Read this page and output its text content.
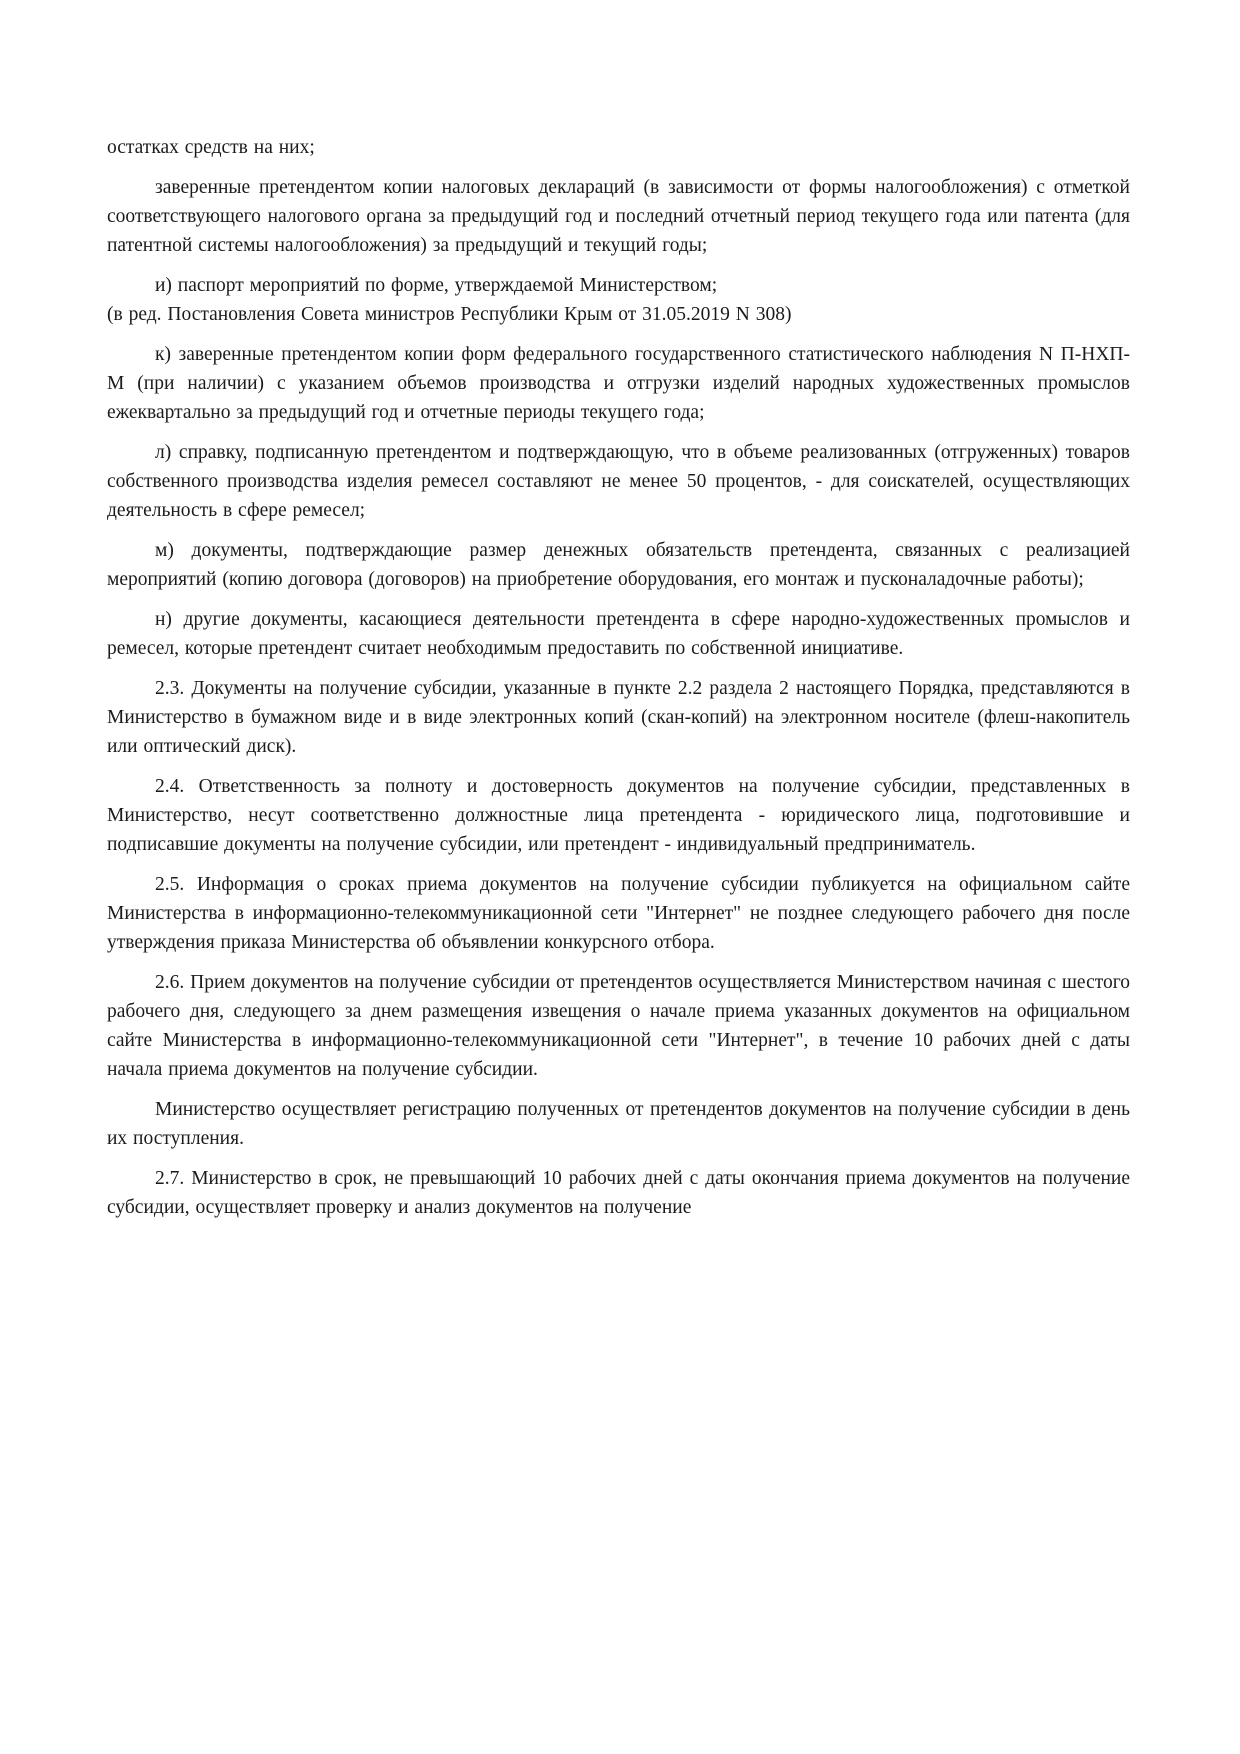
остатках средств на них;

заверенные претендентом копии налоговых деклараций (в зависимости от формы налогообложения) с отметкой соответствующего налогового органа за предыдущий год и последний отчетный период текущего года или патента (для патентной системы налогообложения) за предыдущий и текущий годы;

и) паспорт мероприятий по форме, утверждаемой Министерством;

(в ред. Постановления Совета министров Республики Крым от 31.05.2019 N 308)

к) заверенные претендентом копии форм федерального государственного статистического наблюдения N П-НХП-М (при наличии) с указанием объемов производства и отгрузки изделий народных художественных промыслов ежеквартально за предыдущий год и отчетные периоды текущего года;

л) справку, подписанную претендентом и подтверждающую, что в объеме реализованных (отгруженных) товаров собственного производства изделия ремесел составляют не менее 50 процентов, - для соискателей, осуществляющих деятельность в сфере ремесел;

м) документы, подтверждающие размер денежных обязательств претендента, связанных с реализацией мероприятий (копию договора (договоров) на приобретение оборудования, его монтаж и пусконаладочные работы);

н) другие документы, касающиеся деятельности претендента в сфере народно-художественных промыслов и ремесел, которые претендент считает необходимым предоставить по собственной инициативе.

2.3. Документы на получение субсидии, указанные в пункте 2.2 раздела 2 настоящего Порядка, представляются в Министерство в бумажном виде и в виде электронных копий (скан-копий) на электронном носителе (флеш-накопитель или оптический диск).

2.4. Ответственность за полноту и достоверность документов на получение субсидии, представленных в Министерство, несут соответственно должностные лица претендента - юридического лица, подготовившие и подписавшие документы на получение субсидии, или претендент - индивидуальный предприниматель.

2.5. Информация о сроках приема документов на получение субсидии публикуется на официальном сайте Министерства в информационно-телекоммуникационной сети "Интернет" не позднее следующего рабочего дня после утверждения приказа Министерства об объявлении конкурсного отбора.

2.6. Прием документов на получение субсидии от претендентов осуществляется Министерством начиная с шестого рабочего дня, следующего за днем размещения извещения о начале приема указанных документов на официальном сайте Министерства в информационно-телекоммуникационной сети "Интернет", в течение 10 рабочих дней с даты начала приема документов на получение субсидии.

Министерство осуществляет регистрацию полученных от претендентов документов на получение субсидии в день их поступления.

2.7. Министерство в срок, не превышающий 10 рабочих дней с даты окончания приема документов на получение субсидии, осуществляет проверку и анализ документов на получение
